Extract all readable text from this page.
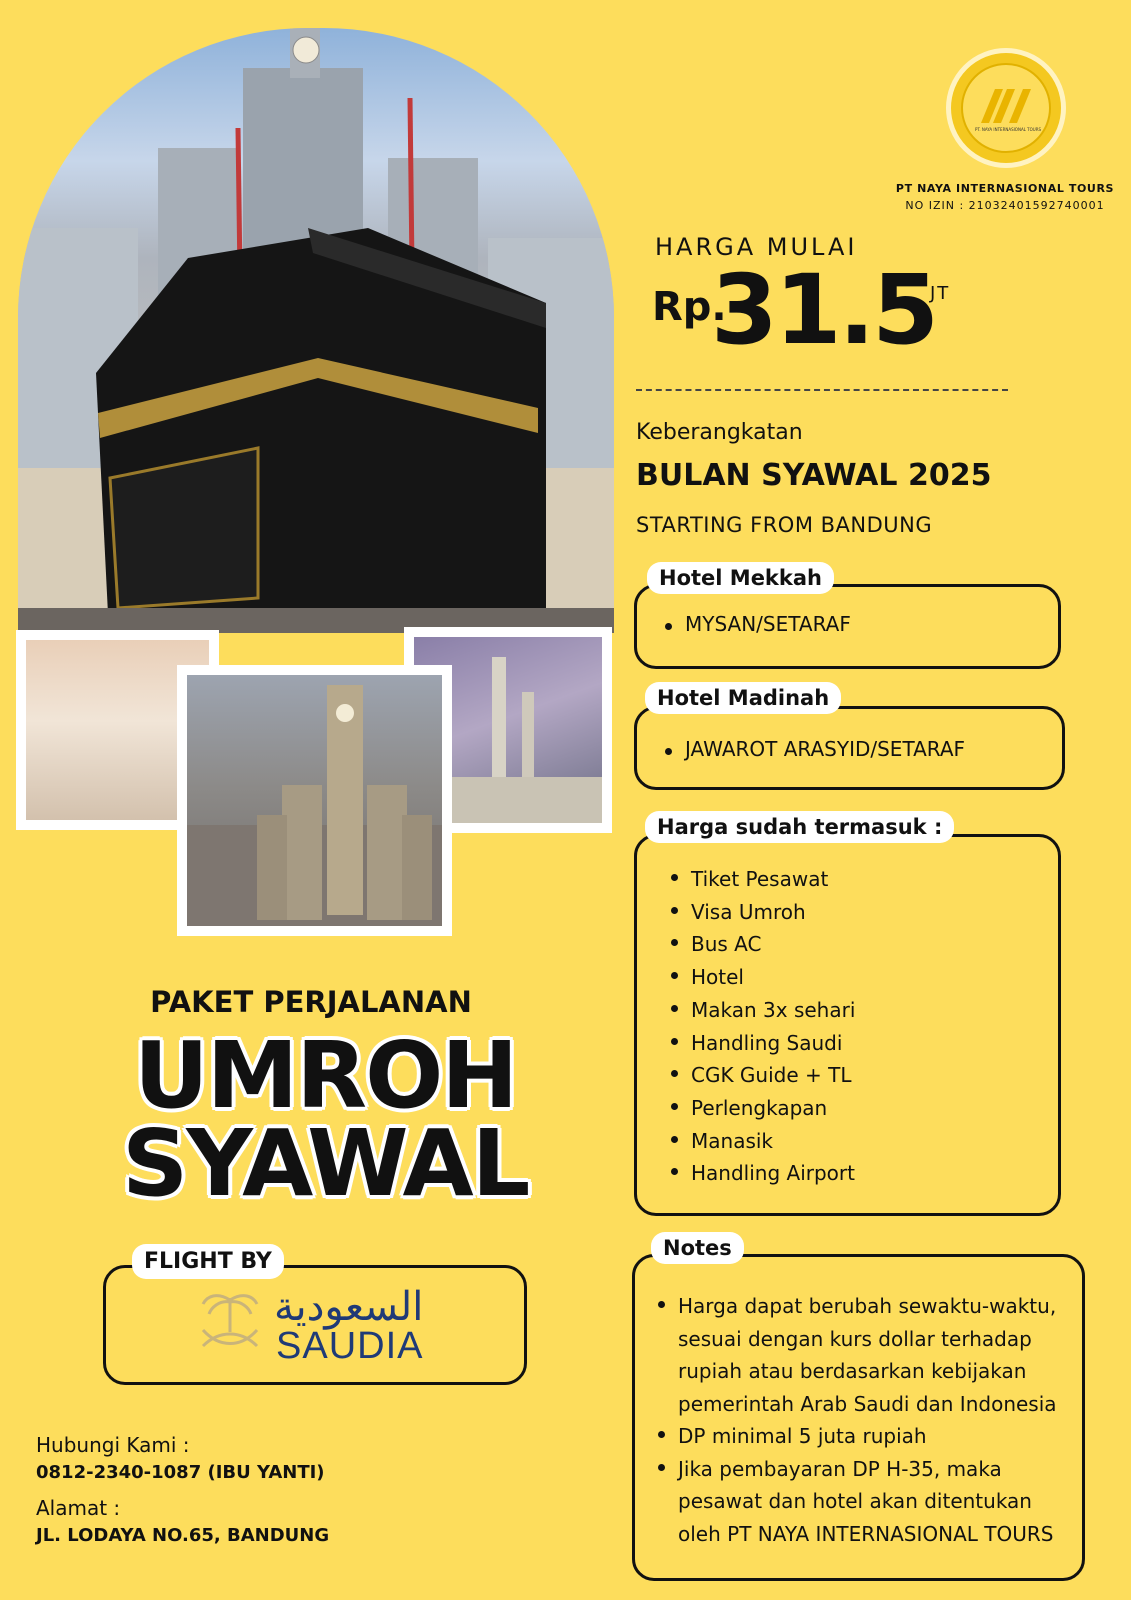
PT. NAYA INTERNASIONAL TOURS
PT NAYA INTERNASIONAL TOURS
NO IZIN : 21032401592740001
HARGA MULAI
Rp.
31.5
JT
Keberangkatan
BULAN SYAWAL 2025
STARTING FROM BANDUNG
Hotel Mekkah
MYSAN/SETARAF
Hotel Madinah
JAWAROT ARASYID/SETARAF
Harga sudah termasuk :
Tiket Pesawat
Visa Umroh
Bus AC
Hotel
Makan 3x sehari
Handling Saudi
CGK Guide + TL
Perlengkapan
Manasik
Handling Airport
Notes
Harga dapat berubah sewaktu-waktu, sesuai dengan kurs dollar terhadap rupiah atau berdasarkan kebijakan pemerintah Arab Saudi dan Indonesia
DP minimal 5 juta rupiah
Jika pembayaran DP H-35, maka pesawat dan hotel akan ditentukan oleh PT NAYA INTERNASIONAL TOURS
PAKET PERJALANAN
UMROH
SYAWAL
FLIGHT BY
السعودية
SAUDIA
Hubungi Kami :
0812-2340-1087 (IBU YANTI)
Alamat :
JL. LODAYA NO.65, BANDUNG
